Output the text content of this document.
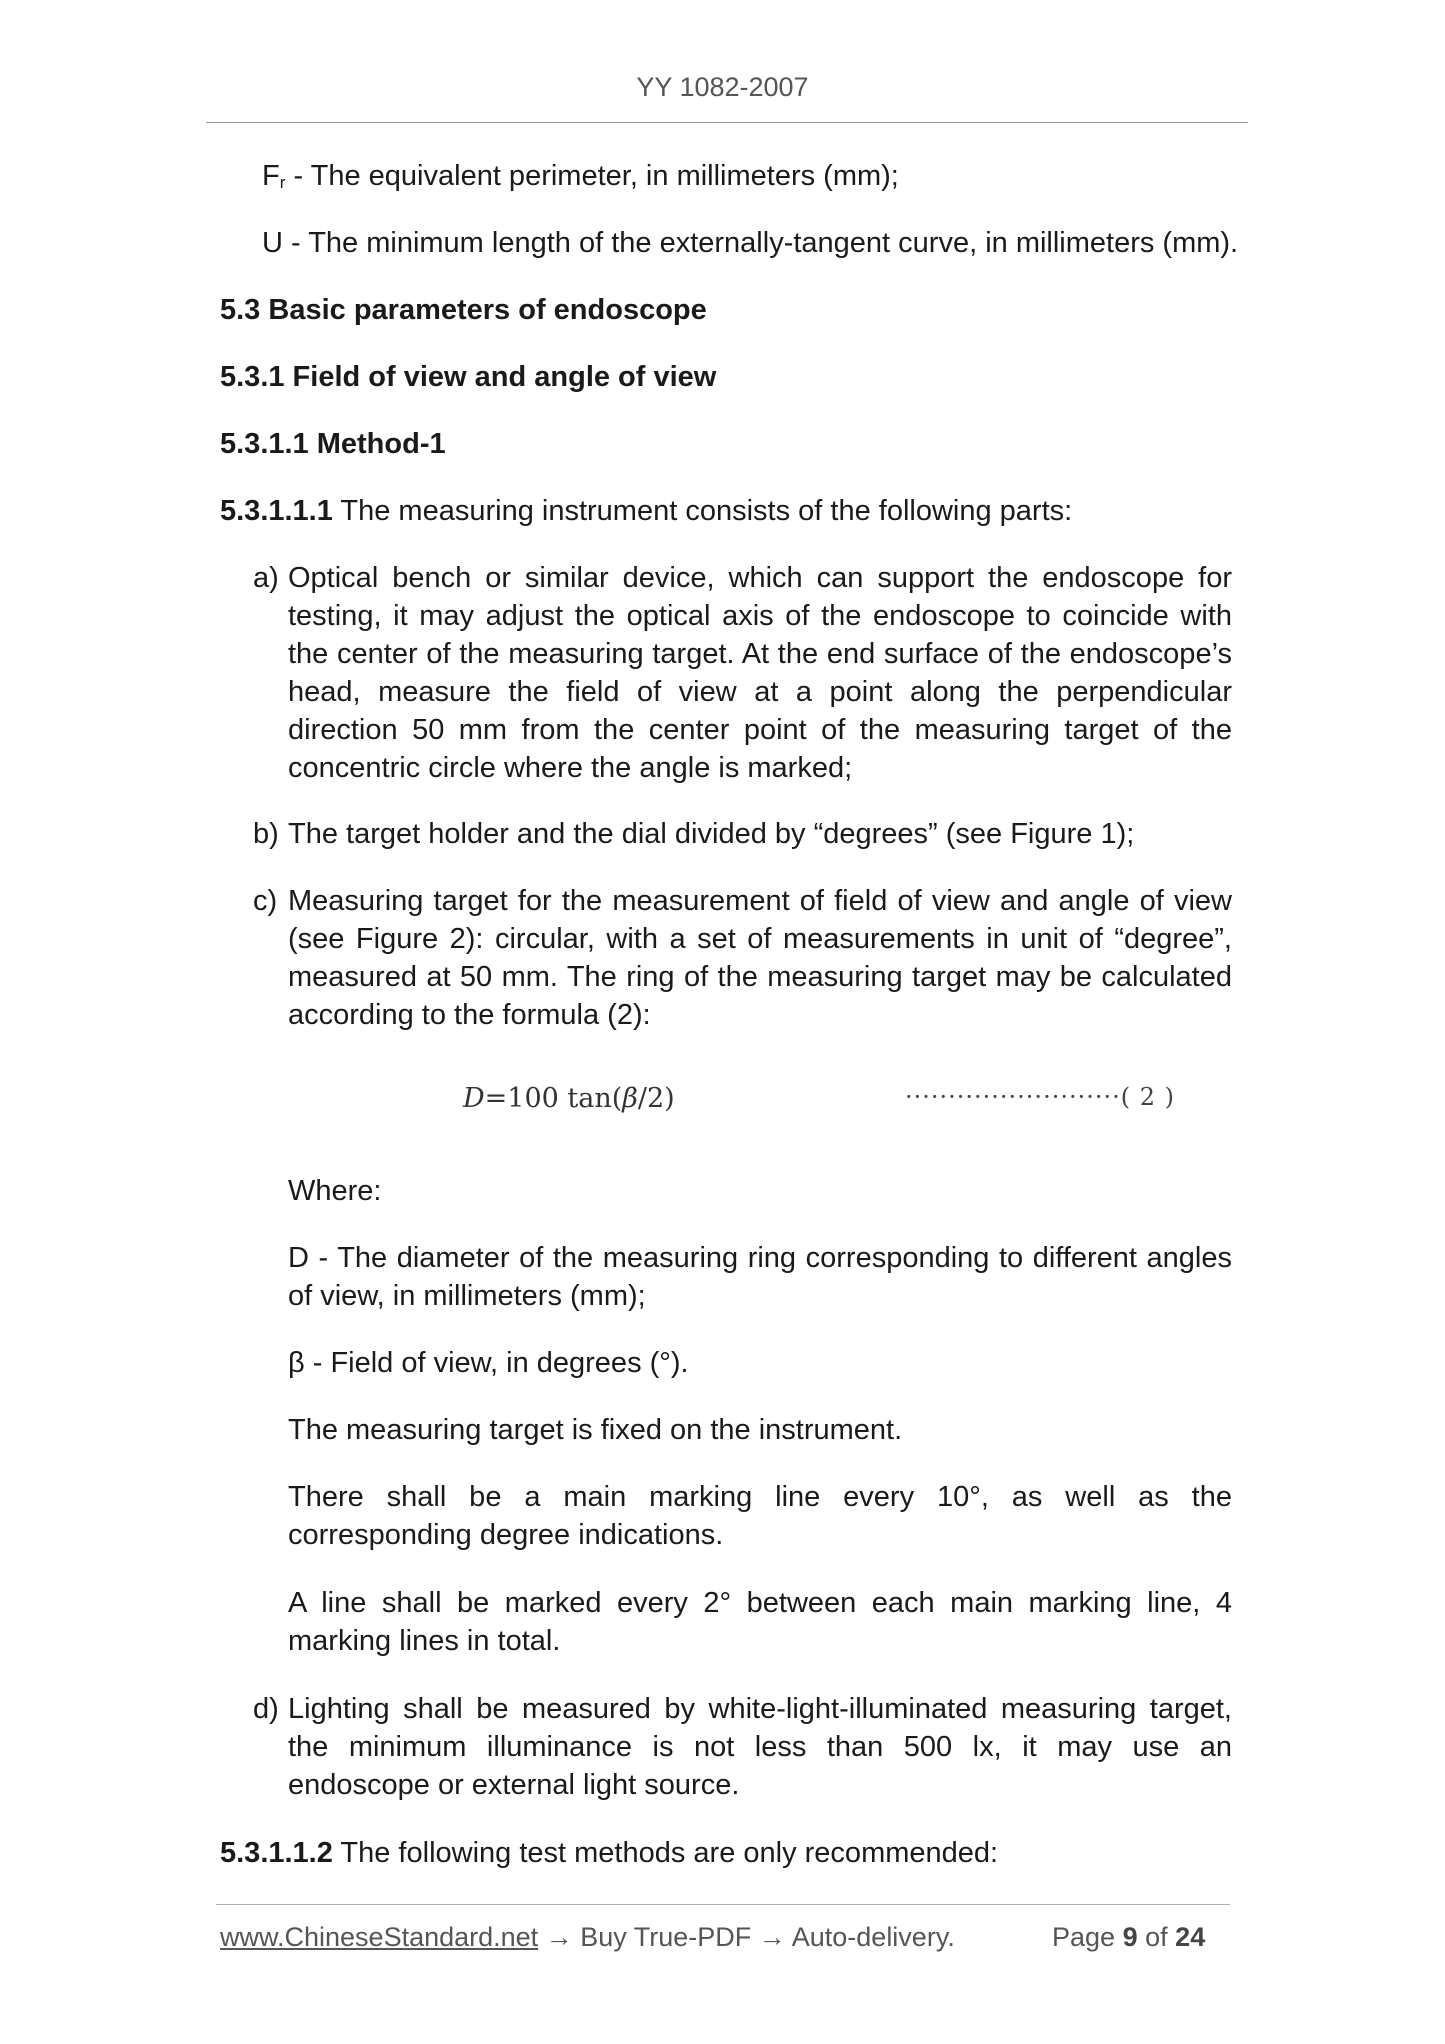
YY 1082-2007
$F_r$ - The equivalent perimeter, in millimeters (mm);
U - The minimum length of the externally-tangent curve, in millimeters (mm).
5.3 Basic parameters of endoscope
5.3.1 Field of view and angle of view
5.3.1.1 Method-1
5.3.1.1.1 The measuring instrument consists of the following parts:
a) Optical bench or similar device, which can support the endoscope for testing, it may adjust the optical axis of the endoscope to coincide with the center of the measuring target. At the end surface of the endoscope’s head, measure the field of view at a point along the perpendicular direction 50 mm from the center point of the measuring target of the concentric circle where the angle is marked;
b) The target holder and the dial divided by “degrees” (see Figure 1);
c) Measuring target for the measurement of field of view and angle of view (see Figure 2): circular, with a set of measurements in unit of “degree”, measured at 50 mm. The ring of the measuring target may be calculated according to the formula (2):
D=100 tan(β/2)	·························( 2 )
Where:
D - The diameter of the measuring ring corresponding to different angles of view, in millimeters (mm);
β - Field of view, in degrees (°).
The measuring target is fixed on the instrument.
There shall be a main marking line every 10°, as well as the corresponding degree indications.
A line shall be marked every 2° between each main marking line, 4 marking lines in total.
d) Lighting shall be measured by white-light-illuminated measuring target, the minimum illuminance is not less than 500 lx, it may use an endoscope or external light source.
5.3.1.1.2 The following test methods are only recommended:
www.ChineseStandard.net → Buy True-PDF → Auto-delivery.	Page 9 of 24
